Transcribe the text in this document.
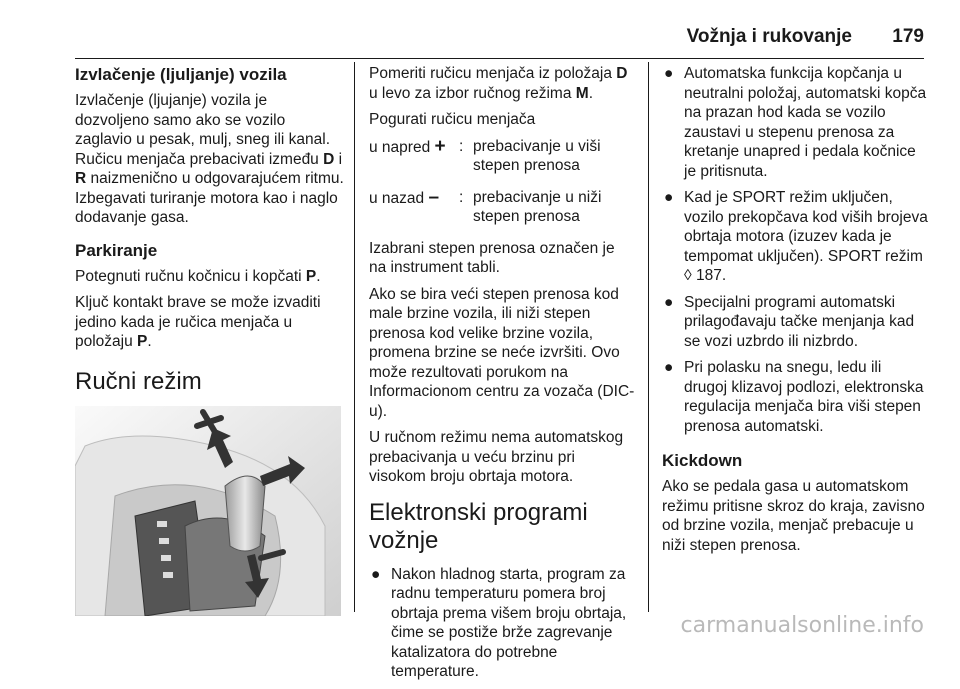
Vožnja i rukovanje 179
Izvlačenje (ljuljanje) vozila

Izvlačenje (ljujanje) vozila je dozvoljeno samo ako se vozilo zaglavio u pesak, mulj, sneg ili kanal. Ručicu menjača prebacivati između D i R naizmenično u odgovarajućem ritmu. Izbegavati turiranje motora kao i naglo dodavanje gasa.

Parkiranje

Potegnuti ručnu kočnicu i kopčati P.

Ključ kontakt brave se može izvaditi jedino kada je ručica menjača u položaju P.

Ručni režim

Pomeriti ručicu menjača iz položaja D u levo za izbor ručnog režima M.

Pogurati ručicu menjača

u napred + : prebacivanje u viši stepen prenosa
u nazad –	: prebacivanje u niži stepen prenosa

Izabrani stepen prenosa označen je na instrument tabli.

Ako se bira veći stepen prenosa kod male brzine vozila, ili niži stepen prenosa kod velike brzine vozila, promena brzine se neće izvršiti. Ovo može rezultovati porukom na Informacionom centru za vozača (DIC-u).

U ručnom režimu nema automatskog prebacivanja u veću brzinu pri visokom broju obrtaja motora.

Elektronski programi vožnje
● Nakon hladnog starta, program za radnu temperaturu pomera broj obrtaja prema višem broju obrtaja, čime se postiže brže zagrevanje katalizatora do potrebne temperature.
● Automatska funkcija kopčanja u neutralni položaj, automatski kopča na prazan hod kada se vozilo zaustavi u stepenu prenosa za kretanje unapred i pedala kočnice je pritisnuta.
● Kad je SPORT režim uključen, vozilo prekopčava kod viših brojeva obrtaja motora (izuzev kada je tempomat uključen). SPORT režim ◊ 187.
● Specijalni programi automatski prilagođavaju tačke menjanja kad se vozi uzbrdo ili nizbrdo.
● Pri polasku na snegu, ledu ili drugoj klizavoj podlozi, elektronska regulacija menjača bira viši stepen prenosa automatski.
Kickdown

Ako se pedala gasa u automatskom režimu pritisne skroz do kraja, zavisno od brzine vozila, menjač prebacuje u niži stepen prenosa.

carmanualsonline.info
